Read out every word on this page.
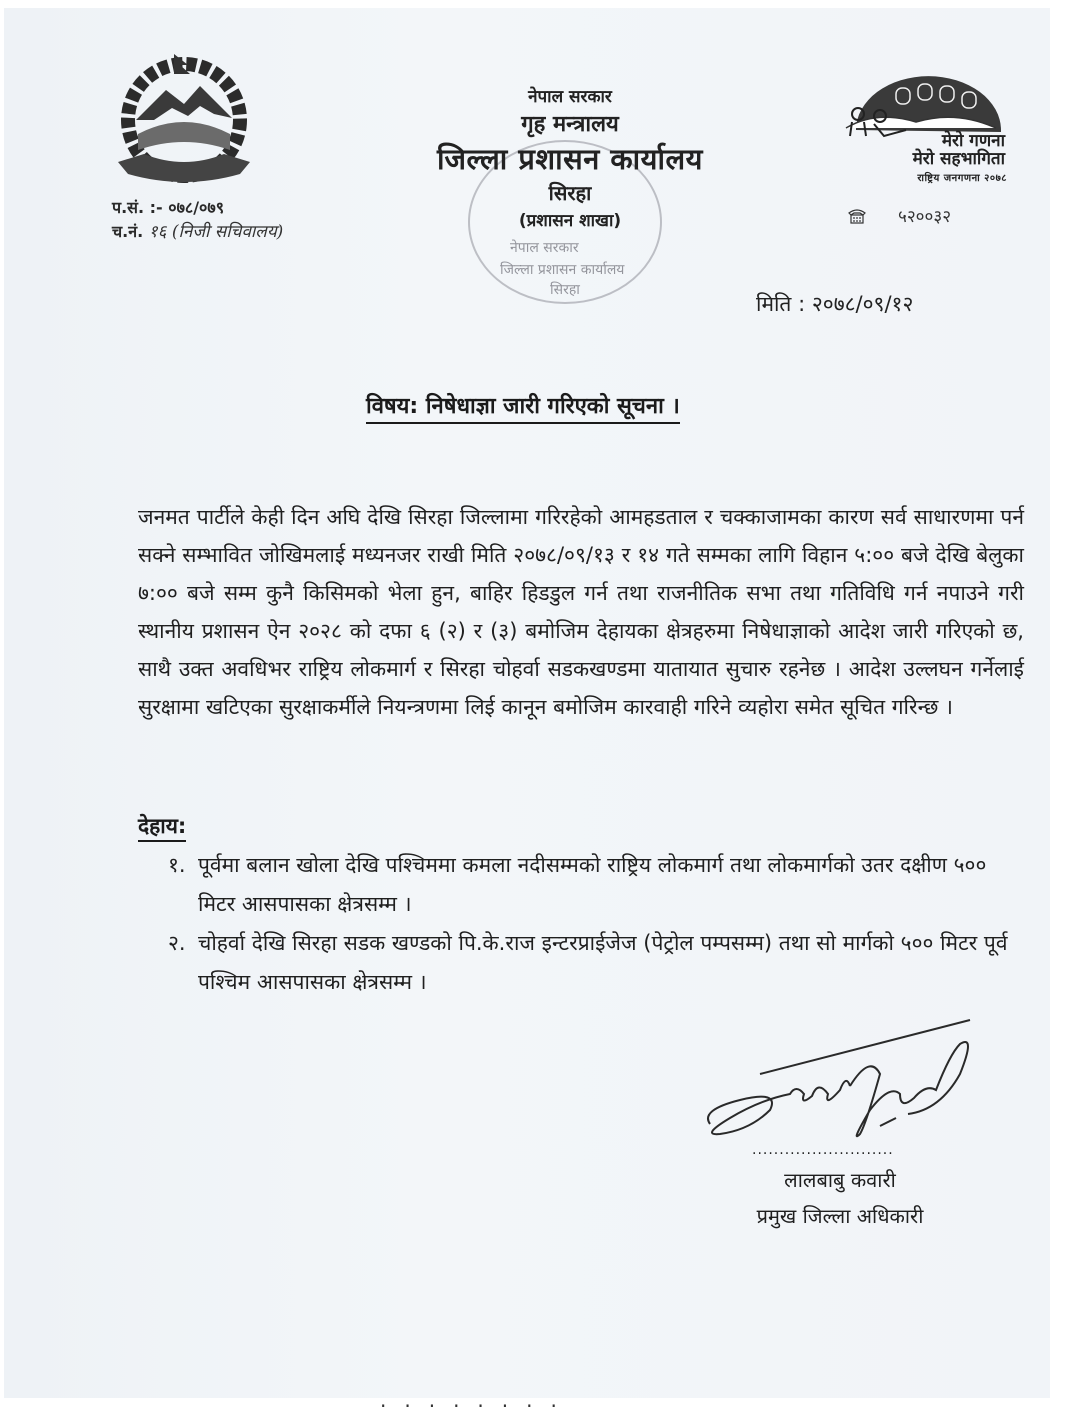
प.सं. :- ०७८/०७९
च.नं. १६ (निजी सचिवालय)
नेपाल सरकार
जिल्ला प्रशासन कार्यालय
सिरहा
नेपाल सरकार
गृह मन्त्रालय
जिल्ला प्रशासन कार्यालय
सिरहा
(प्रशासन शाखा)
मेरो गणना
मेरो सहभागिता
राष्ट्रिय जनगणना २०७८
५२००३२
मिति : २०७८/०९/१२
विषय: निषेधाज्ञा जारी गरिएको सूचना ।
जनमत पार्टीले केही दिन अघि देखि सिरहा जिल्लामा गरिरहेको आमहडताल र चक्काजामका कारण सर्व साधारणमा पर्न सक्ने सम्भावित जोखिमलाई मध्यनजर राखी मिति २०७८/०९/१३ र १४ गते सम्मका लागि विहान ५:०० बजे देखि बेलुका ७:०० बजे सम्म कुनै किसिमको भेला हुन, बाहिर हिडडुल गर्न तथा राजनीतिक सभा तथा गतिविधि गर्न नपाउने गरी स्थानीय प्रशासन ऐन २०२८ को दफा ६ (२) र (३) बमोजिम देहायका क्षेत्रहरुमा निषेधाज्ञाको आदेश जारी गरिएको छ, साथै उक्त अवधिभर राष्ट्रिय लोकमार्ग र सिरहा चोहर्वा सडकखण्डमा यातायात सुचारु रहनेछ । आदेश उल्लघन गर्नेलाई सुरक्षामा खटिएका सुरक्षाकर्मीले नियन्त्रणमा लिई कानून बमोजिम कारवाही गरिने व्यहोरा समेत सूचित गरिन्छ ।
देहाय:
१. पूर्वमा बलान खोला देखि पश्चिममा कमला नदीसम्मको राष्ट्रिय लोकमार्ग तथा लोकमार्गको उतर दक्षीण ५०० मिटर आसपासका क्षेत्रसम्म ।
२. चोहर्वा देखि सिरहा सडक खण्डको पि.के.राज इन्टरप्राईजेज (पेट्रोल पम्पसम्म) तथा सो मार्गको ५०० मिटर पूर्व पश्चिम आसपासका क्षेत्रसम्म ।
..........................
लालबाबु कवारी
प्रमुख जिल्ला अधिकारी
........
